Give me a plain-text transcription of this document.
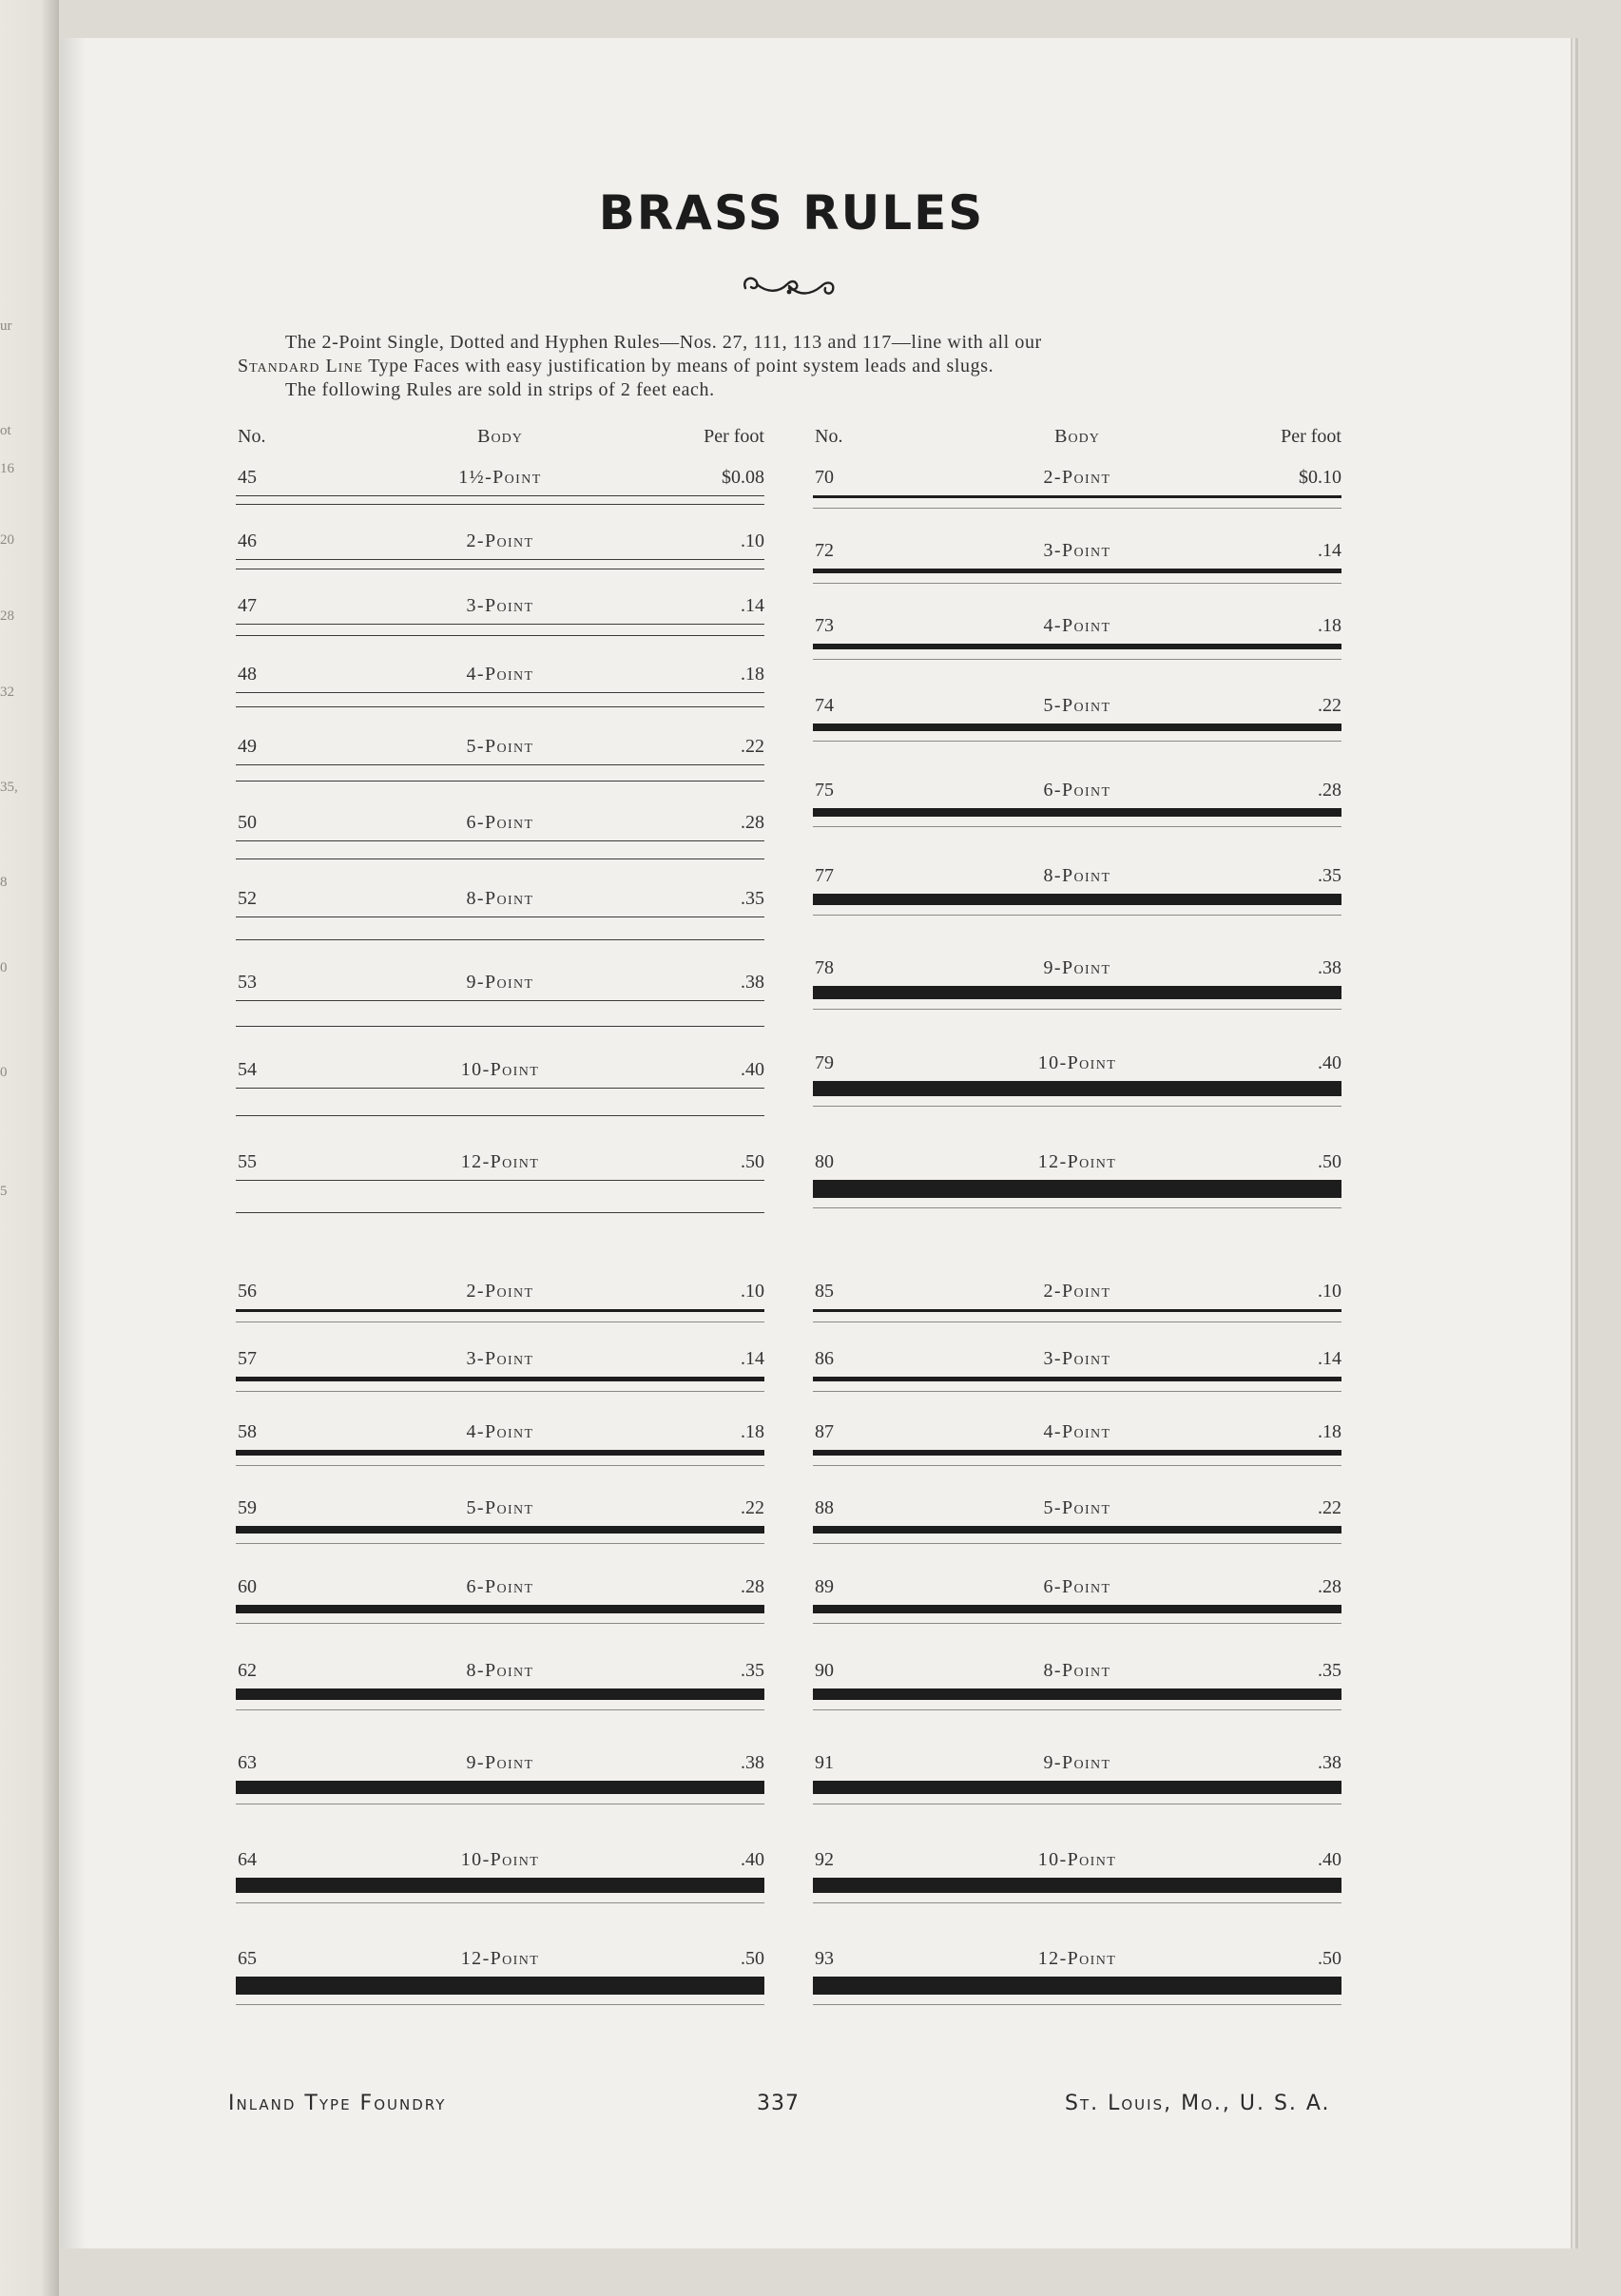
ur
ot
16
20
28
32
35,
8
0
0
5
BRASS RULES

The 2-Point Single, Dotted and Hyphen Rules—Nos. 27, 111, 113 and 117—line with all our

Standard Line Type Faces with easy justification by means of point system leads and slugs.

The following Rules are sold in strips of 2 feet each.

No.	Body	Per foot
45	1½-Point	$0.08
46	2-Point	.10
47	3-Point	.14
48	4-Point	.18
49	5-Point	.22
50	6-Point	.28
52	8-Point	.35
53	9-Point	.38
54	10-Point	.40
55	12-Point	.50
56	2-Point	.10
57	3-Point	.14
58	4-Point	.18
59	5-Point	.22
60	6-Point	.28
62	8-Point	.35
63	9-Point	.38
64	10-Point	.40
65	12-Point	.50
No.	Body	Per foot
70	2-Point	$0.10
72	3-Point	.14
73	4-Point	.18
74	5-Point	.22
75	6-Point	.28
77	8-Point	.35
78	9-Point	.38
79	10-Point	.40
80	12-Point	.50
85	2-Point	.10
86	3-Point	.14
87	4-Point	.18
88	5-Point	.22
89	6-Point	.28
90	8-Point	.35
91	9-Point	.38
92	10-Point	.40
93	12-Point	.50
Inland Type Foundry	337	St. Louis, Mo., U. S. A.
